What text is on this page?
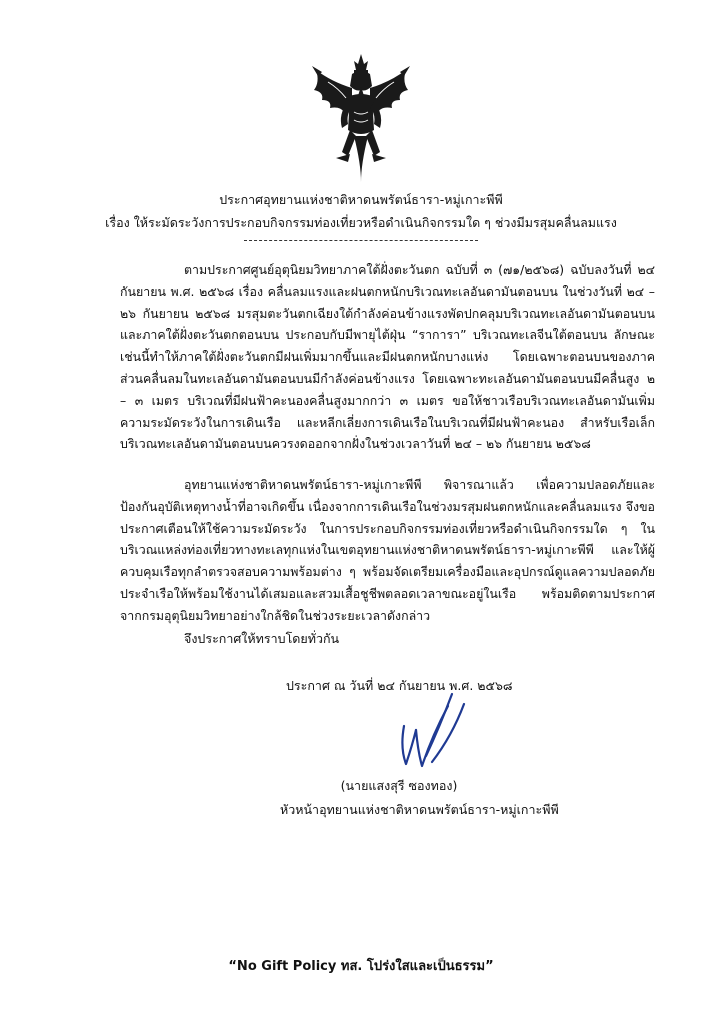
ประกาศอุทยานแห่งชาติหาดนพรัตน์ธารา-หมู่เกาะพีพี
เรื่อง ให้ระมัดระวังการประกอบกิจกรรมท่องเที่ยวหรือดำเนินกิจกรรมใด ๆ ช่วงมีมรสุมคลื่นลมแรง

ตามประกาศศูนย์อุตุนิยมวิทยาภาคใต้ฝั่งตะวันตก ฉบับที่ ๓ (๗๑/๒๕๖๘) ฉบับลงวันที่ ๒๔ กันยายน พ.ศ. ๒๕๖๘ เรื่อง คลื่นลมแรงและฝนตกหนักบริเวณทะเลอันดามันตอนบน ในช่วงวันที่ ๒๔ – ๒๖ กันยายน ๒๕๖๘ มรสุมตะวันตกเฉียงใต้กำลังค่อนข้างแรงพัดปกคลุมบริเวณทะเลอันดามันตอนบนและภาคใต้ฝั่งตะวันตกตอนบน ประกอบกับมีพายุไต้ฝุ่น “ราการา” บริเวณทะเลจีนใต้ตอนบน ลักษณะเช่นนี้ทำให้ภาคใต้ฝั่งตะวันตกมีฝนเพิ่มมากขึ้นและมีฝนตกหนักบางแห่ง โดยเฉพาะตอนบนของภาค ส่วนคลื่นลมในทะเลอันดามันตอนบนมีกำลังค่อนข้างแรง โดยเฉพาะทะเลอันดามันตอนบนมีคลื่นสูง ๒ – ๓ เมตร บริเวณที่มีฝนฟ้าคะนองคลื่นสูงมากกว่า ๓ เมตร ขอให้ชาวเรือบริเวณทะเลอันดามันเพิ่มความระมัดระวังในการเดินเรือ และหลีกเลี่ยงการเดินเรือในบริเวณที่มีฝนฟ้าคะนอง สำหรับเรือเล็กบริเวณทะเลอันดามันตอนบนควรงดออกจากฝั่งในช่วงเวลาวันที่ ๒๔ – ๒๖ กันยายน ๒๕๖๘

อุทยานแห่งชาติหาดนพรัตน์ธารา-หมู่เกาะพีพี พิจารณาแล้ว เพื่อความปลอดภัยและป้องกันอุบัติเหตุทางน้ำที่อาจเกิดขึ้น เนื่องจากการเดินเรือในช่วงมรสุมฝนตกหนักและคลื่นลมแรง จึงขอประกาศเตือนให้ใช้ความระมัดระวัง ในการประกอบกิจกรรมท่องเที่ยวหรือดำเนินกิจกรรมใด ๆ ในบริเวณแหล่งท่องเที่ยวทางทะเลทุกแห่งในเขตอุทยานแห่งชาติหาดนพรัตน์ธารา-หมู่เกาะพีพี และให้ผู้ควบคุมเรือทุกลำตรวจสอบความพร้อมต่าง ๆ พร้อมจัดเตรียมเครื่องมือและอุปกรณ์ดูแลความปลอดภัยประจำเรือให้พร้อมใช้งานได้เสมอและสวมเสื้อชูชีพตลอดเวลาขณะอยู่ในเรือ พร้อมติดตามประกาศจากกรมอุตุนิยมวิทยาอย่างใกล้ชิดในช่วงระยะเวลาดังกล่าว

จึงประกาศให้ทราบโดยทั่วกัน
ประกาศ ณ วันที่ ๒๔ กันยายน พ.ศ. ๒๕๖๘
(นายแสงสุรี ซองทอง)
หัวหน้าอุทยานแห่งชาติหาดนพรัตน์ธารา-หมู่เกาะพีพี
“No Gift Policy ทส. โปร่งใสและเป็นธรรม”
